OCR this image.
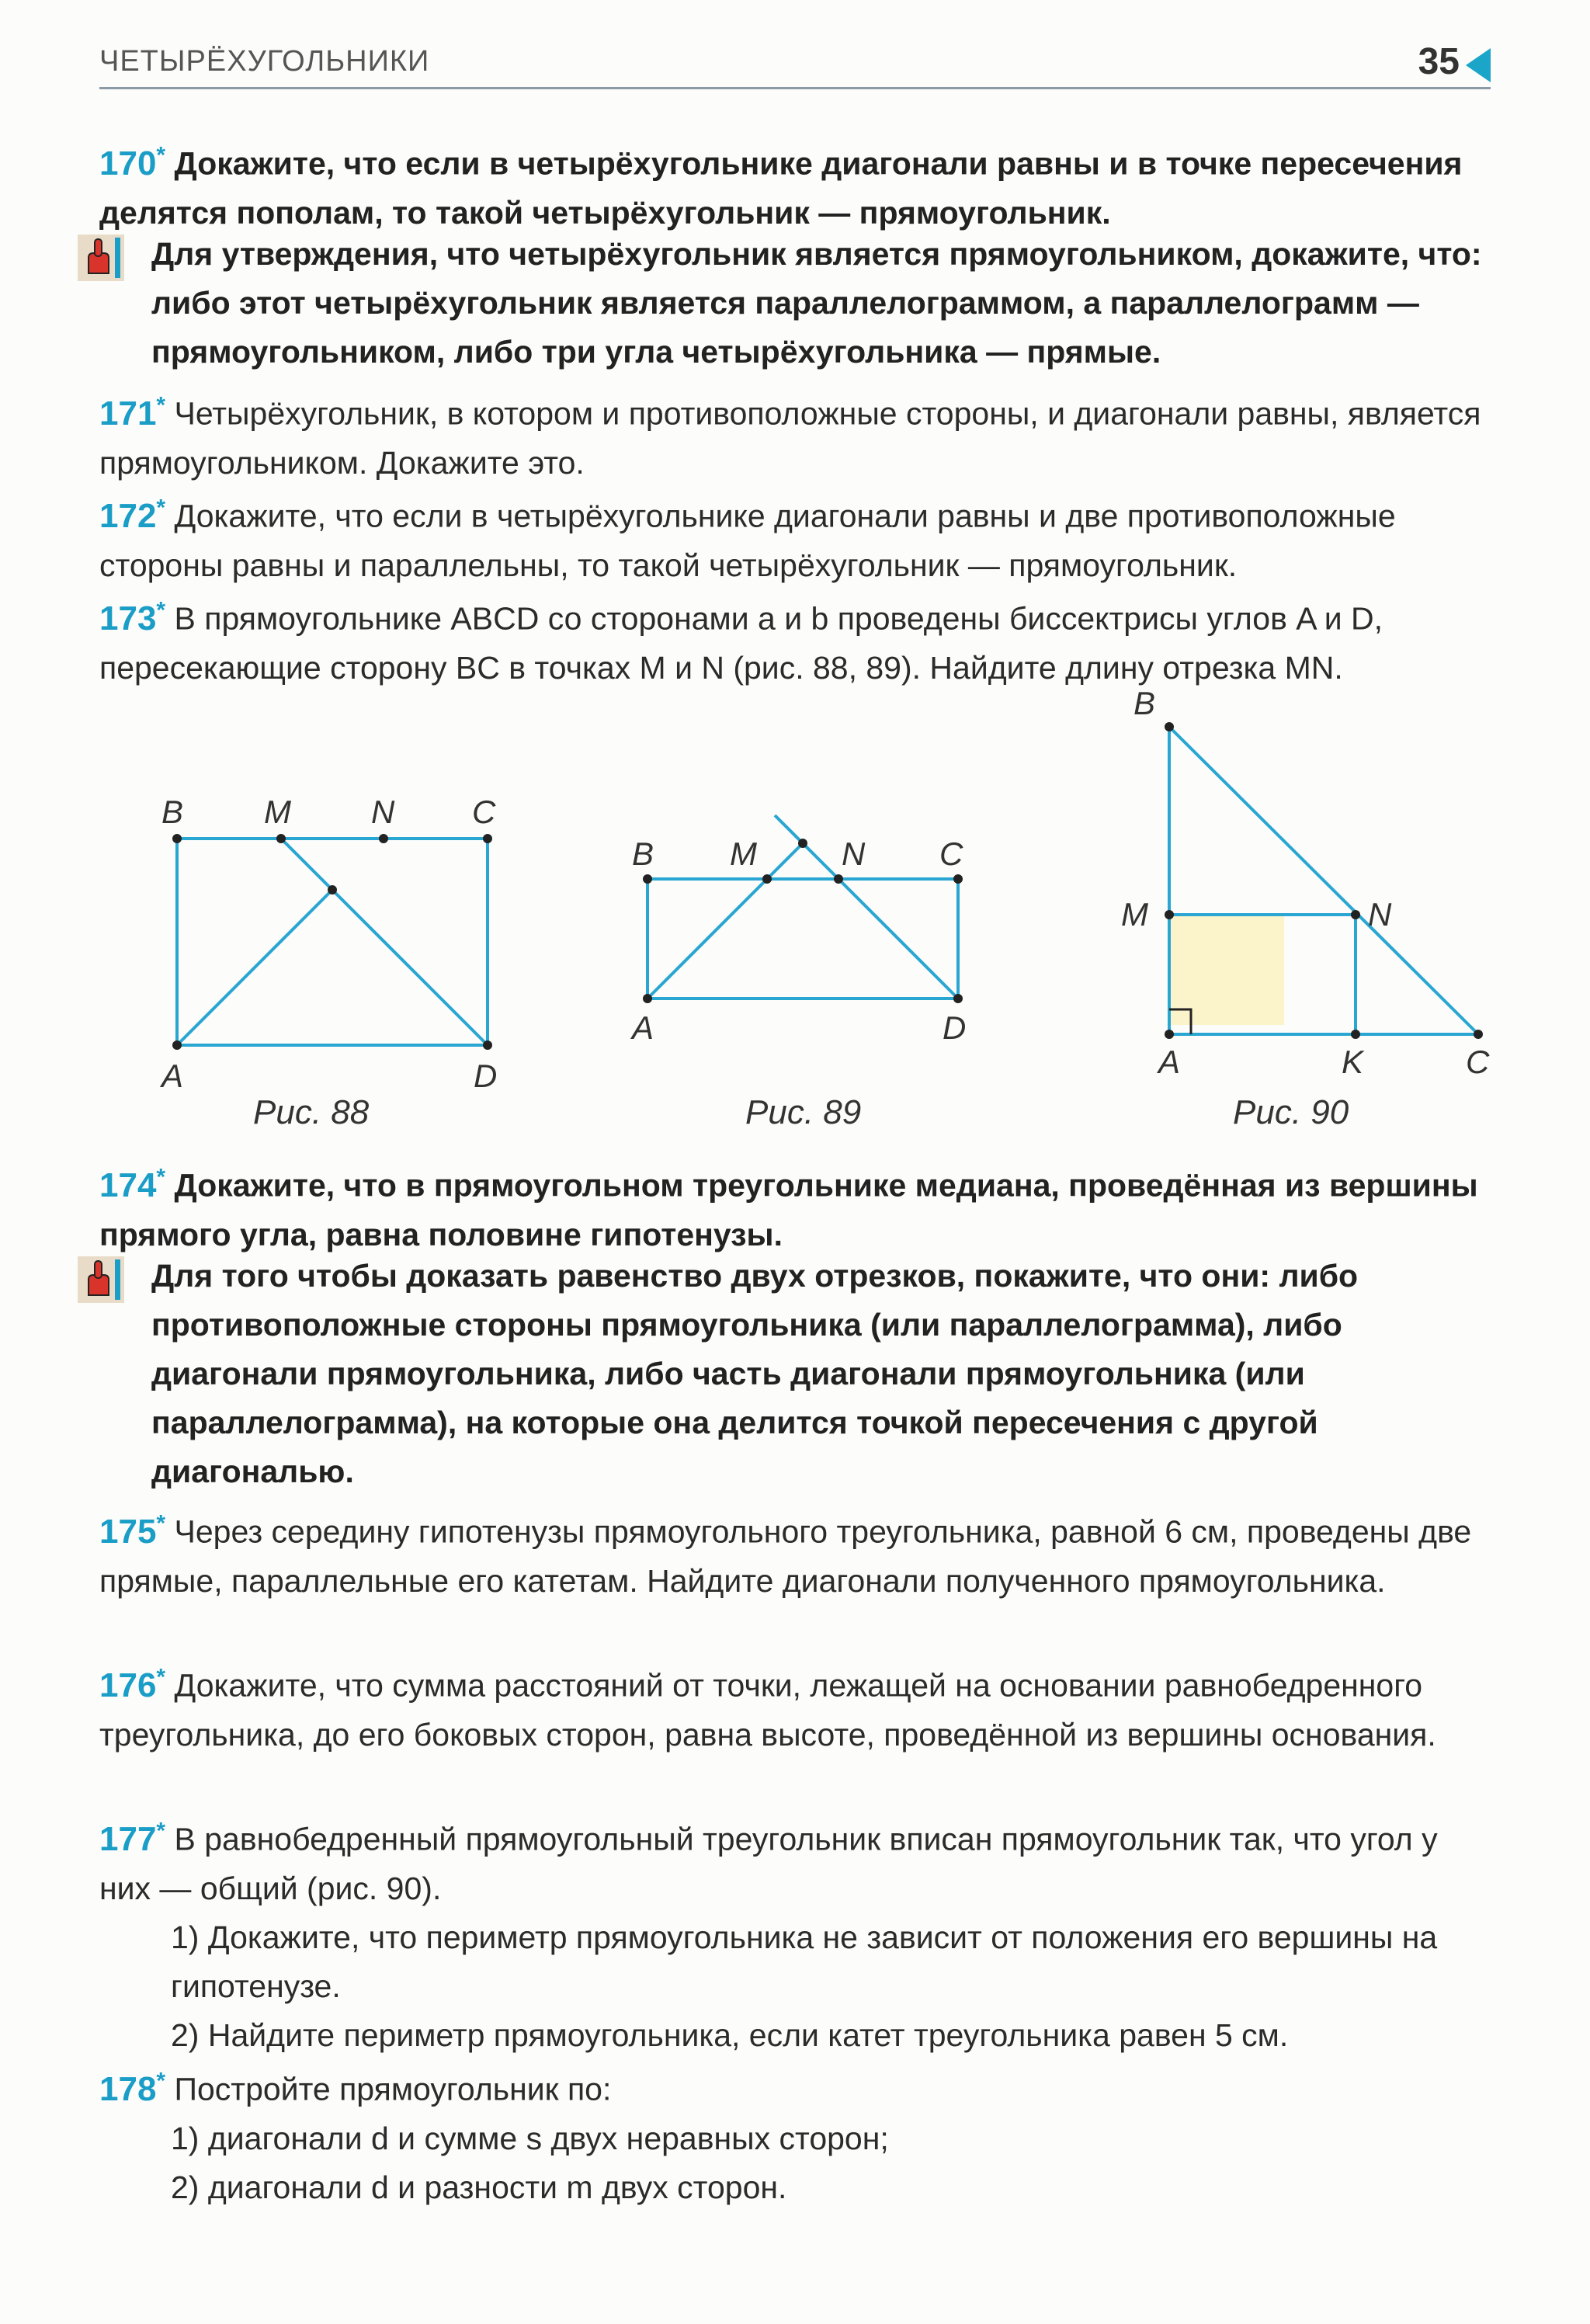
ЧЕТЫРЁХУГОЛЬНИКИ	35
170* Докажите, что если в четырёхугольнике диагонали равны и в точке пересечения делятся пополам, то такой четырёхугольник — прямоугольник.
Для утверждения, что четырёхугольник является прямоугольником, докажите, что: либо этот четырёхугольник является параллелограммом, а параллелограмм — прямоугольником, либо три угла четырёхугольника — прямые.
171* Четырёхугольник, в котором и противоположные стороны, и диагонали равны, является прямоугольником. Докажите это.
172* Докажите, что если в четырёхугольнике диагонали равны и две противоположные стороны равны и параллельны, то такой четырёхугольник — прямоугольник.
173* В прямоугольнике ABCD со сторонами a и b проведены биссектрисы углов A и D, пересекающие сторону BC в точках M и N (рис. 88, 89). Найдите длину отрезка MN.
B M N C
A	D
Рис. 88
B M	N C
A	D
Рис. 89
B
M	N
A	K	C
Рис. 90
174* Докажите, что в прямоугольном треугольнике медиана, проведённая из вершины прямого угла, равна половине гипотенузы.
Для того чтобы доказать равенство двух отрезков, покажите, что они: либо противоположные стороны прямоугольника (или параллелограмма), либо диагонали прямоугольника, либо часть диагонали прямоугольника (или параллелограмма), на которые она делится точкой пересечения с другой диагональю.
175* Через середину гипотенузы прямоугольного треугольника, равной 6 см, проведены две прямые, параллельные его катетам. Найдите диагонали полученного прямоугольника.
176* Докажите, что сумма расстояний от точки, лежащей на основании равнобедренного треугольника, до его боковых сторон, равна высоте, проведённой из вершины основания.
177* В равнобедренный прямоугольный треугольник вписан прямоугольник так, что угол у них — общий (рис. 90).
1) Докажите, что периметр прямоугольника не зависит от положения его вершины на гипотенузе.
2) Найдите периметр прямоугольника, если катет треугольника равен 5 см.
178* Постройте прямоугольник по:
1) диагонали d и сумме s двух неравных сторон;
2) диагонали d и разности m двух сторон.
